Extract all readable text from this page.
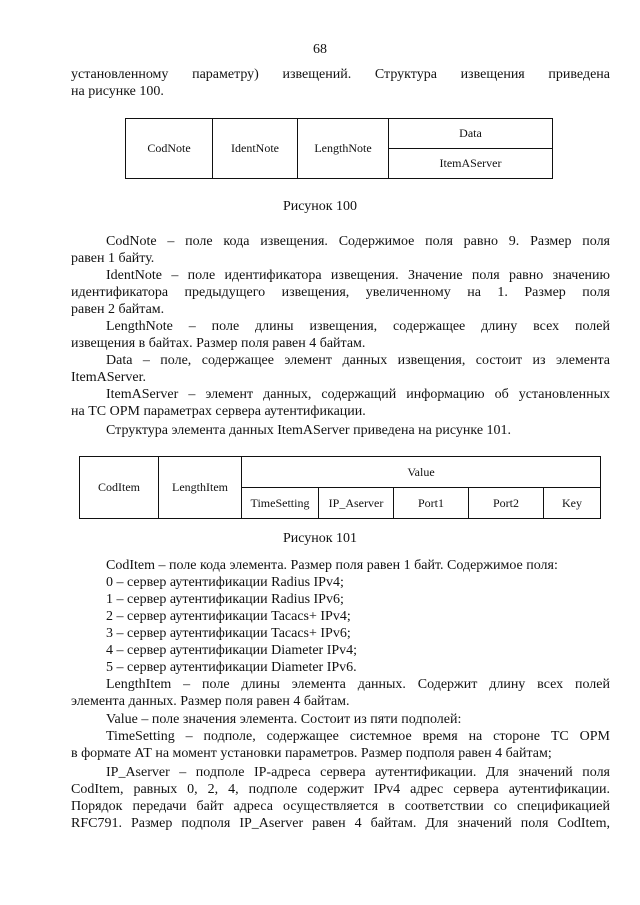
68
установленному параметру) извещений. Структура извещения приведена
на рисунке 100.
CodNote	IdentNote	LengthNote	Data
ItemAServer
Рисунок 100
CodNote – поле кода извещения. Содержимое поля равно 9. Размер поля
равен 1 байту.
IdentNote – поле идентификатора извещения. Значение поля равно значению
идентификатора предыдущего извещения, увеличенному на 1. Размер поля
равен 2 байтам.
LengthNote – поле длины извещения, содержащее длину всех полей
извещения в байтах. Размер поля равен 4 байтам.
Data – поле, содержащее элемент данных извещения, состоит из элемента
ItemAServer.
ItemAServer – элемент данных, содержащий информацию об установленных
на ТС ОРМ параметрах сервера аутентификации.
Структура элемента данных ItemAServer приведена на рисунке 101.
CodItem	LengthItem	Value				
		TimeSetting	IP_Aserver	Port1	Port2	Key
Рисунок 101
CodItem – поле кода элемента. Размер поля равен 1 байт. Содержимое поля:
0 – сервер аутентификации Radius IPv4;
1 – сервер аутентификации Radius IPv6;
2 – сервер аутентификации Tacacs+ IPv4;
3 – сервер аутентификации Tacacs+ IPv6;
4 – сервер аутентификации Diameter IPv4;
5 – сервер аутентификации Diameter IPv6.
LengthItem – поле длины элемента данных. Содержит длину всех полей
элемента данных. Размер поля равен 4 байтам.
Value – поле значения элемента. Состоит из пяти подполей:
TimeSetting – подполе, содержащее системное время на стороне ТС ОРМ
в формате АТ на момент установки параметров. Размер подполя равен 4 байтам;
IP_Aserver – подполе IP-адреса сервера аутентификации. Для значений поля
CodItem, равных 0, 2, 4, подполе содержит IPv4 адрес сервера аутентификации.
Порядок передачи байт адреса осуществляется в соответствии со спецификацией
RFC791. Размер подполя IP_Aserver равен 4 байтам. Для значений поля CodItem,
